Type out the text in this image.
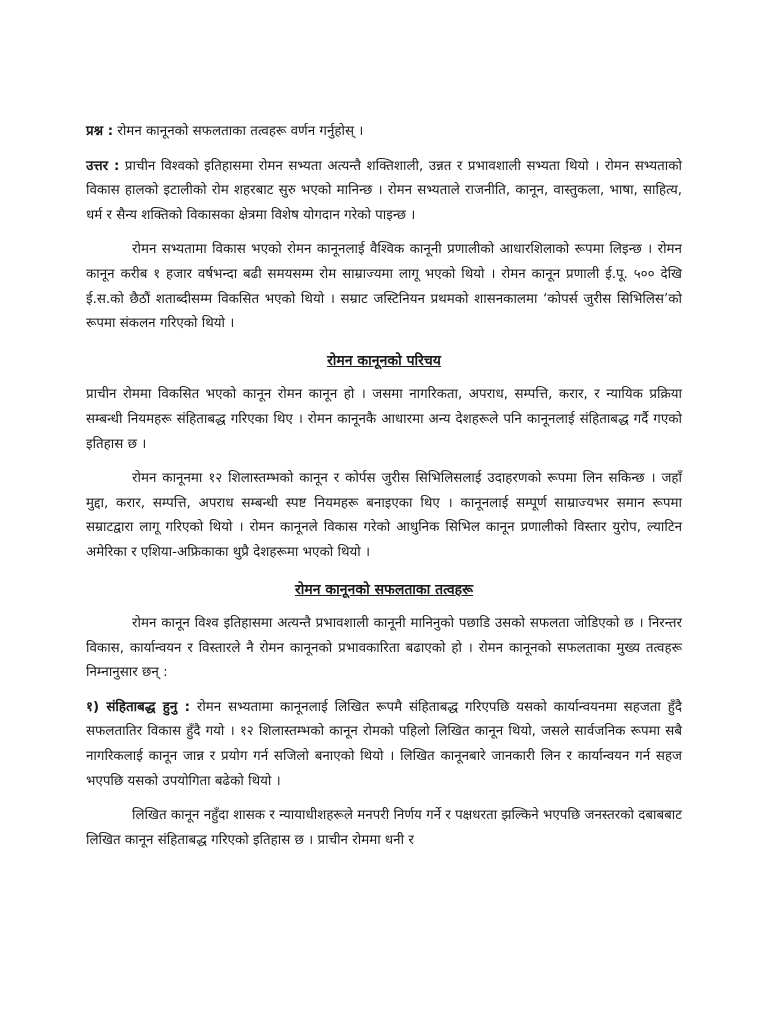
प्रश्न : रोमन कानूनको सफलताका तत्वहरू वर्णन गर्नुहोस् ।

उत्तर : प्राचीन विश्वको इतिहासमा रोमन सभ्यता अत्यन्तै शक्तिशाली, उन्नत र प्रभावशाली सभ्यता थियो । रोमन सभ्यताको विकास हालको इटालीको रोम शहरबाट सुरु भएको मानिन्छ । रोमन सभ्यताले राजनीति, कानून, वास्तुकला, भाषा, साहित्य, धर्म र सैन्य शक्तिको विकासका क्षेत्रमा विशेष योगदान गरेको पाइन्छ ।

रोमन सभ्यतामा विकास भएको रोमन कानूनलाई वैश्विक कानूनी प्रणालीको आधारशिलाको रूपमा लिइन्छ । रोमन कानून करीब १ हजार वर्षभन्दा बढी समयसम्म रोम साम्राज्यमा लागू भएको थियो । रोमन कानून प्रणाली ई.पू. ५०० देखि ई.स.को छैठौं शताब्दीसम्म विकसित भएको थियो । सम्राट जस्टिनियन प्रथमको शासनकालमा ‘कोपर्स जुरीस सिभिलिस’को रूपमा संकलन गरिएको थियो ।

रोमन कानूनको परिचय

प्राचीन रोममा विकसित भएको कानून रोमन कानून हो । जसमा नागरिकता, अपराध, सम्पत्ति, करार, र न्यायिक प्रक्रिया सम्बन्धी नियमहरू संहिताबद्ध गरिएका थिए । रोमन कानूनकै आधारमा अन्य देशहरूले पनि कानूनलाई संहिताबद्ध गर्दै गएको इतिहास छ ।

रोमन कानूनमा १२ शिलास्तम्भको कानून र कोर्पस जुरीस सिभिलिसलाई उदाहरणको रूपमा लिन सकिन्छ । जहाँ मुद्दा, करार, सम्पत्ति, अपराध सम्बन्धी स्पष्ट नियमहरू बनाइएका थिए । कानूनलाई सम्पूर्ण साम्राज्यभर समान रूपमा सम्राटद्वारा लागू गरिएको थियो । रोमन कानूनले विकास गरेको आधुनिक सिभिल कानून प्रणालीको विस्तार युरोप, ल्याटिन अमेरिका र एशिया-अफ्रिकाका थुप्रै देशहरूमा भएको थियो ।

रोमन कानूनको सफलताका तत्वहरू

रोमन कानून विश्व इतिहासमा अत्यन्तै प्रभावशाली कानूनी मानिनुको पछाडि उसको सफलता जोडिएको छ । निरन्तर विकास, कार्यान्वयन र विस्तारले नै रोमन कानूनको प्रभावकारिता बढाएको हो । रोमन कानूनको सफलताका मुख्य तत्वहरू निम्नानुसार छन् :

१) संहिताबद्ध हुनु : रोमन सभ्यतामा कानूनलाई लिखित रूपमै संहिताबद्ध गरिएपछि यसको कार्यान्वयनमा सहजता हुँदै सफलतातिर विकास हुँदै गयो । १२ शिलास्तम्भको कानून रोमको पहिलो लिखित कानून थियो, जसले सार्वजनिक रूपमा सबै नागरिकलाई कानून जान्न र प्रयोग गर्न सजिलो बनाएको थियो । लिखित कानूनबारे जानकारी लिन र कार्यान्वयन गर्न सहज भएपछि यसको उपयोगिता बढेको थियो ।

लिखित कानून नहुँदा शासक र न्यायाधीशहरूले मनपरी निर्णय गर्ने र पक्षधरता झल्किने भएपछि जनस्तरको दबाबबाट लिखित कानून संहिताबद्ध गरिएको इतिहास छ । प्राचीन रोममा धनी र
